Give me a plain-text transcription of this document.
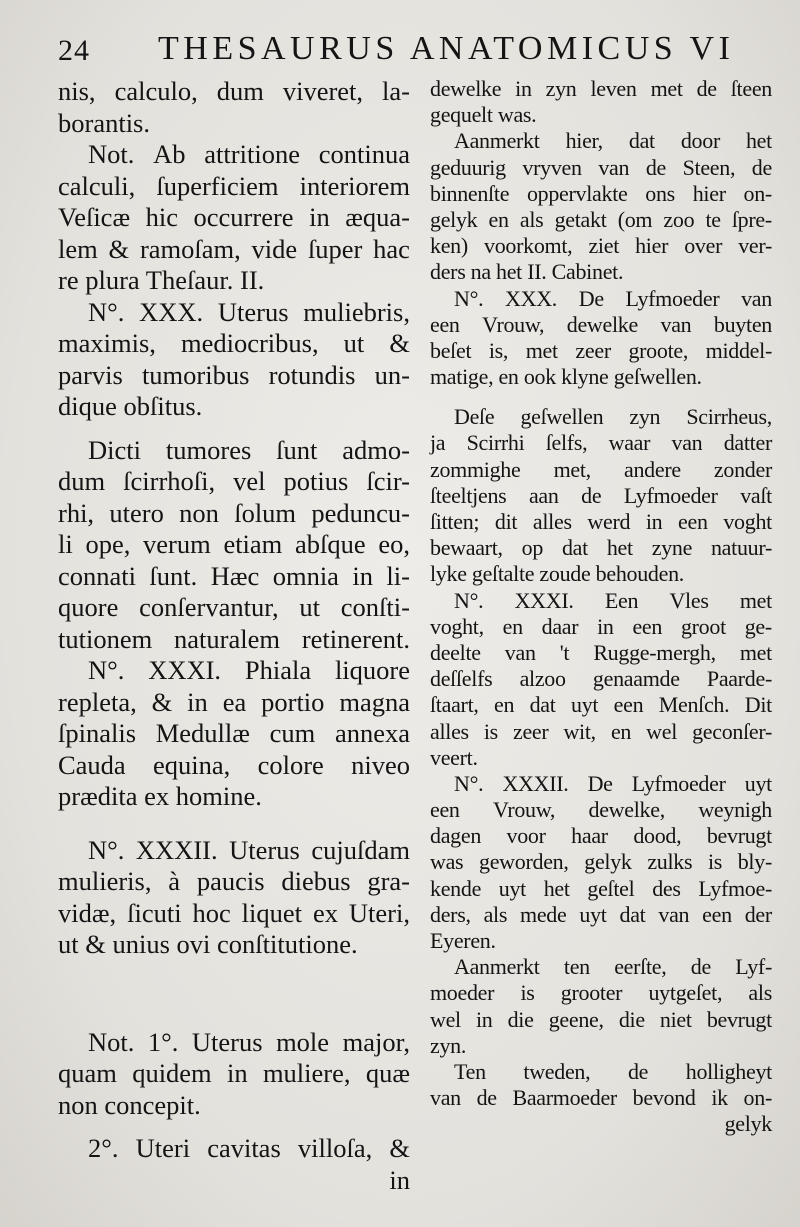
24 THESAURUS ANATOMICUS VI
nis, calculo, dum viveret, la-
borantis.
Not. Ab attritione continua
calculi, ſuperficiem interiorem
Veſicæ hic occurrere in æqua-
lem & ramoſam, vide ſuper hac
re plura Theſaur. II.
N°. XXX. Uterus muliebris,
maximis, mediocribus, ut &
parvis tumoribus rotundis un-
dique obſitus.
Dicti tumores ſunt admo-
dum ſcirrhoſi, vel potius ſcir-
rhi, utero non ſolum peduncu-
li ope, verum etiam abſque eo,
connati ſunt. Hæc omnia in li-
quore conſervantur, ut conſti-
tutionem naturalem retinerent.
N°. XXXI. Phiala liquore
repleta, & in ea portio magna
ſpinalis Medullæ cum annexa
Cauda equina, colore niveo
prædita ex homine.
N°. XXXII. Uterus cujuſdam
mulieris, à paucis diebus gra-
vidæ, ſicuti hoc liquet ex Uteri,
ut & unius ovi conſtitutione.
Not. 1°. Uterus mole major,
quam quidem in muliere, quæ
non concepit.
2°. Uteri cavitas villoſa, &
in
dewelke in zyn leven met de ſteen
gequelt was.
Aanmerkt hier, dat door het
geduurig vryven van de Steen, de
binnenſte oppervlakte ons hier on-
gelyk en als getakt (om zoo te ſpre-
ken) voorkomt, ziet hier over ver-
ders na het II. Cabinet.
N°. XXX. De Lyfmoeder van
een Vrouw, dewelke van buyten
beſet is, met zeer groote, middel-
matige, en ook klyne geſwellen.
Deſe geſwellen zyn Scirrheus,
ja Scirrhi ſelfs, waar van datter
zommighe met, andere zonder
ſteeltjens aan de Lyfmoeder vaſt
ſitten; dit alles werd in een voght
bewaart, op dat het zyne natuur-
lyke geſtalte zoude behouden.
N°. XXXI. Een Vles met
voght, en daar in een groot ge-
deelte van 't Rugge-mergh, met
deſſelfs alzoo genaamde Paarde-
ſtaart, en dat uyt een Menſch. Dit
alles is zeer wit, en wel geconſer-
veert.
N°. XXXII. De Lyfmoeder uyt
een Vrouw, dewelke, weynigh
dagen voor haar dood, bevrugt
was geworden, gelyk zulks is bly-
kende uyt het geſtel des Lyfmoe-
ders, als mede uyt dat van een der
Eyeren.
Aanmerkt ten eerſte, de Lyf-
moeder is grooter uytgeſet, als
wel in die geene, die niet bevrugt
zyn.
Ten tweden, de holligheyt
van de Baarmoeder bevond ik on-
gelyk
